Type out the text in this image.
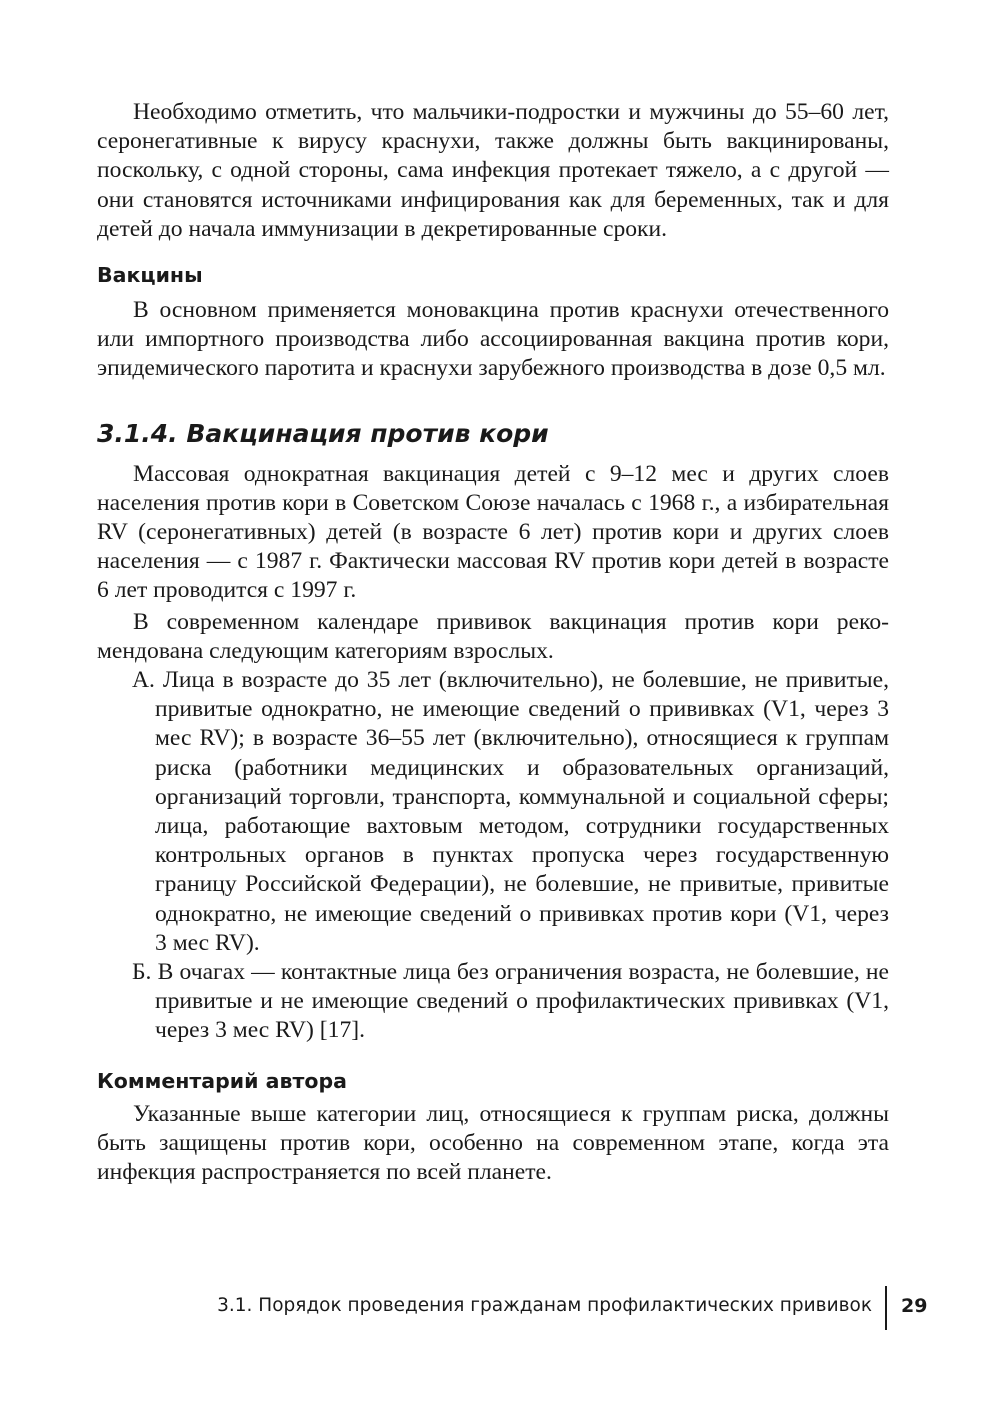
Необходимо отметить, что мальчики-подростки и мужчины до 55–60 лет, серонегативные к вирусу краснухи, также должны быть вакцинированы, поскольку, с одной стороны, сама инфекция протекает тяжело, а с другой — они становятся источниками инфицирования как для беременных, так и для детей до начала иммунизации в декретированные сроки.

Вакцины

В основном применяется моновакцина против краснухи отечественного или импортного производства либо ассоциированная вакцина против кори, эпидемического паротита и краснухи зарубежного производства в дозе 0,5 мл.

3.1.4. Вакцинация против кори

Массовая однократная вакцинация детей с 9–12 мес и других слоев населения против кори в Советском Союзе началась с 1968 г., а избирательная RV (серонегативных) детей (в возрасте 6 лет) против кори и других слоев населения — с 1987 г. Фактически массовая RV против кори детей в возрасте 6 лет проводится с 1997 г.

В современном календаре прививок вакцинация против кори рекомендована следующим категориям взрослых.

А. Лица в возрасте до 35 лет (включительно), не болевшие, не привитые, привитые однократно, не имеющие сведений о прививках (V1, через 3 мес RV); в возрасте 36–55 лет (включительно), относящиеся к группам риска (работники медицинских и образовательных организаций, организаций торговли, транспорта, коммунальной и социальной сферы; лица, работающие вахтовым методом, сотрудники государственных контрольных органов в пунктах пропуска через государственную границу Российской Федерации), не болевшие, не привитые, привитые однократно, не имеющие сведений о прививках против кори (V1, через 3 мес RV).
Б. В очагах — контактные лица без ограничения возраста, не болевшие, не привитые и не имеющие сведений о профилактических прививках (V1, через 3 мес RV) [17].
Комментарий автора

Указанные выше категории лиц, относящиеся к группам риска, должны быть защищены против кори, особенно на современном этапе, когда эта инфекция распространяется по всей планете.

3.1. Порядок проведения гражданам профилактических прививок 29
